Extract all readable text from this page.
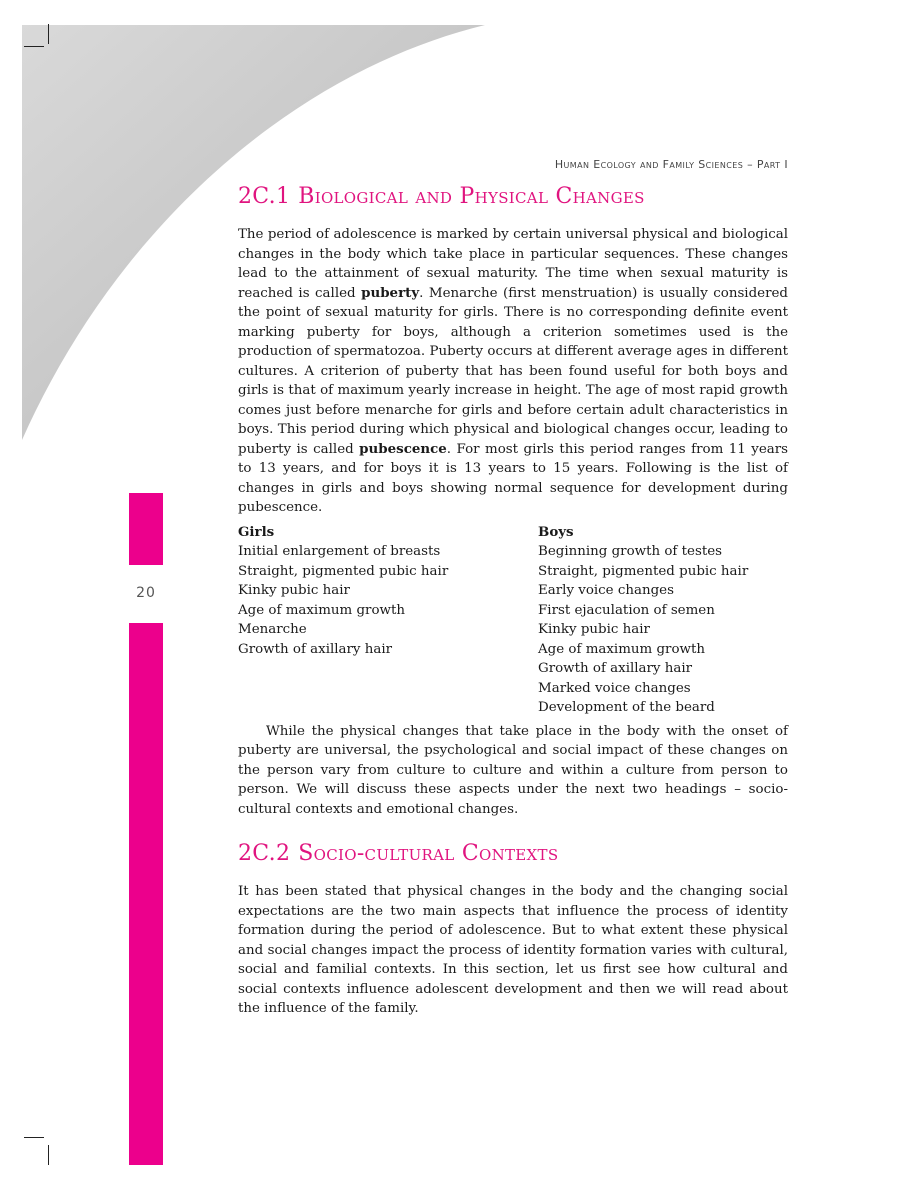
20
Human Ecology and Family Sciences – Part I
2C.1 Biological and Physical Changes

The period of adolescence is marked by certain universal physical and biological changes in the body which take place in particular sequences. These changes lead to the attainment of sexual maturity. The time when sexual maturity is reached is called puberty. Menarche (first menstruation) is usually considered the point of sexual maturity for girls. There is no corresponding definite event marking puberty for boys, although a criterion sometimes used is the production of spermatozoa. Puberty occurs at different average ages in different cultures. A criterion of puberty that has been found useful for both boys and girls is that of maximum yearly increase in height. The age of most rapid growth comes just before menarche for girls and before certain adult characteristics in boys. This period during which physical and biological changes occur, leading to puberty is called pubescence. For most girls this period ranges from 11 years to 13 years, and for boys it is 13 years to 15 years. Following is the list of changes in girls and boys showing normal sequence for development during pubescence.

Girls
Initial enlargement of breasts
Straight, pigmented pubic hair
Kinky pubic hair
Age of maximum growth
Menarche
Growth of axillary hair
Boys
Beginning growth of testes
Straight, pigmented pubic hair
Early voice changes
First ejaculation of semen
Kinky pubic hair
Age of maximum growth
Growth of axillary hair
Marked voice changes
Development of the beard

While the physical changes that take place in the body with the onset of puberty are universal, the psychological and social impact of these changes on the person vary from culture to culture and within a culture from person to person. We will discuss these aspects under the next two headings – socio-cultural contexts and emotional changes.

2C.2 Socio-cultural Contexts

It has been stated that physical changes in the body and the changing social expectations are the two main aspects that influence the process of identity formation during the period of adolescence. But to what extent these physical and social changes impact the process of identity formation varies with cultural, social and familial contexts. In this section, let us first see how cultural and social contexts influence adolescent development and then we will read about the influence of the family.
